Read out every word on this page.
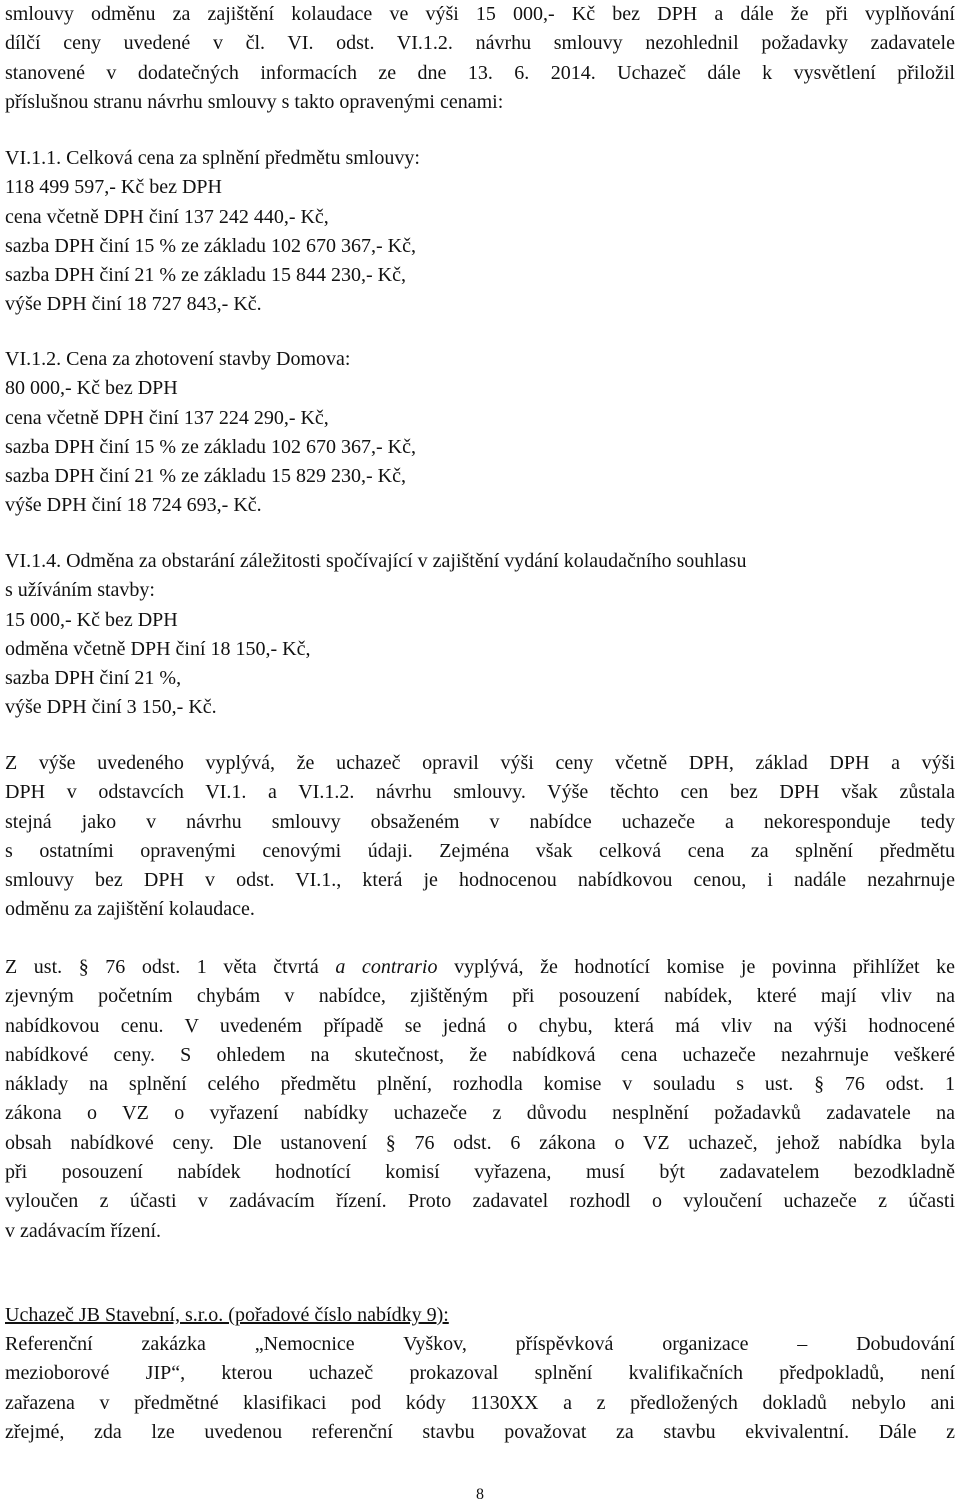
smlouvy odměnu za zajištění kolaudace ve výši 15 000,- Kč bez DPH a dále že při vyplňování
dílčí ceny uvedené v čl. VI. odst. VI.1.2. návrhu smlouvy nezohlednil požadavky zadavatele
stanovené v dodatečných informacích ze dne 13. 6. 2014. Uchazeč dále k vysvětlení přiložil
příslušnou stranu návrhu smlouvy s takto opravenými cenami:
VI.1.1. Celková cena za splnění předmětu smlouvy:
118 499 597,- Kč bez DPH
cena včetně DPH činí 137 242 440,- Kč,
sazba DPH činí 15 % ze základu 102 670 367,- Kč,
sazba DPH činí 21 % ze základu 15 844 230,- Kč,
výše DPH činí 18 727 843,- Kč.
VI.1.2. Cena za zhotovení stavby Domova:
80 000,- Kč bez DPH
cena včetně DPH činí 137 224 290,- Kč,
sazba DPH činí 15 % ze základu 102 670 367,- Kč,
sazba DPH činí 21 % ze základu 15 829 230,- Kč,
výše DPH činí 18 724 693,- Kč.
VI.1.4. Odměna za obstarání záležitosti spočívající v zajištění vydání kolaudačního souhlasu
s užíváním stavby:
15 000,- Kč bez DPH
odměna včetně DPH činí 18 150,- Kč,
sazba DPH činí 21 %,
výše DPH činí 3 150,- Kč.
Z výše uvedeného vyplývá, že uchazeč opravil výši ceny včetně DPH, základ DPH a výši
DPH v odstavcích VI.1. a VI.1.2. návrhu smlouvy. Výše těchto cen bez DPH však zůstala
stejná jako v návrhu smlouvy obsaženém v nabídce uchazeče a nekoresponduje tedy
s ostatními opravenými cenovými údaji. Zejména však celková cena za splnění předmětu
smlouvy bez DPH v odst. VI.1., která je hodnocenou nabídkovou cenou, i nadále nezahrnuje
odměnu za zajištění kolaudace.
Z ust. § 76 odst. 1 věta čtvrtá a contrario vyplývá, že hodnotící komise je povinna přihlížet ke
zjevným početním chybám v nabídce, zjištěným při posouzení nabídek, které mají vliv na
nabídkovou cenu. V uvedeném případě se jedná o chybu, která má vliv na výši hodnocené
nabídkové ceny. S ohledem na skutečnost, že nabídková cena uchazeče nezahrnuje veškeré
náklady na splnění celého předmětu plnění, rozhodla komise v souladu s ust. § 76 odst. 1
zákona o VZ o vyřazení nabídky uchazeče z důvodu nesplnění požadavků zadavatele na
obsah nabídkové ceny. Dle ustanovení § 76 odst. 6 zákona o VZ uchazeč, jehož nabídka byla
při posouzení nabídek hodnotící komisí vyřazena, musí být zadavatelem bezodkladně
vyloučen z účasti v zadávacím řízení. Proto zadavatel rozhodl o vyloučení uchazeče z účasti
v zadávacím řízení.
Uchazeč JB Stavební, s.r.o. (pořadové číslo nabídky 9):
Referenční zakázka „Nemocnice Vyškov, příspěvková organizace – Dobudování
mezioborové JIP“, kterou uchazeč prokazoval splnění kvalifikačních předpokladů, není
zařazena v předmětné klasifikaci pod kódy 1130XX a z předložených dokladů nebylo ani
zřejmé, zda lze uvedenou referenční stavbu považovat za stavbu ekvivalentní. Dále z
8
